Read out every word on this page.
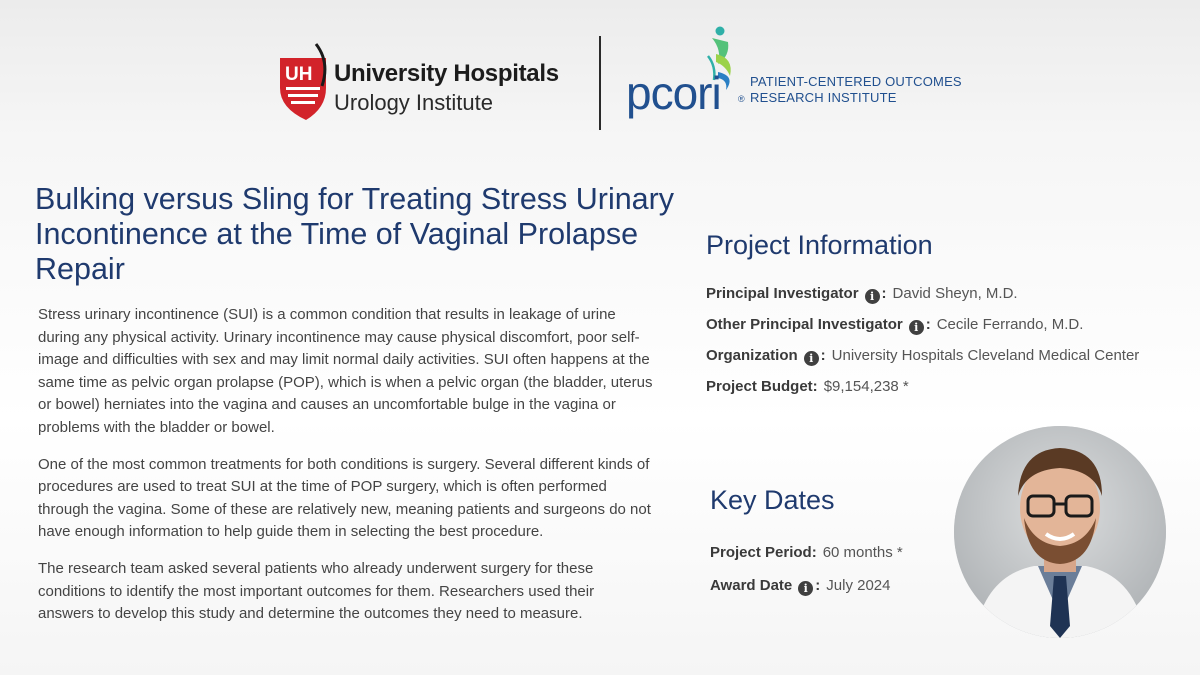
UH University Hospitals
Urology Institute	pcori ®
PATIENT-CENTERED OUTCOMES
RESEARCH INSTITUTE
Bulking versus Sling for Treating Stress Urinary Incontinence at the Time of Vaginal Prolapse Repair

Stress urinary incontinence (SUI) is a common condition that results in leakage of urine during any physical activity. Urinary incontinence may cause physical discomfort, poor self-image and difficulties with sex and may limit normal daily activities. SUI often happens at the same time as pelvic organ prolapse (POP), which is when a pelvic organ (the bladder, uterus or bowel) herniates into the vagina and causes an uncomfortable bulge in the vagina or problems with the bladder or bowel.

One of the most common treatments for both conditions is surgery. Several different kinds of procedures are used to treat SUI at the time of POP surgery, which is often performed through the vagina. Some of these are relatively new, meaning patients and surgeons do not have enough information to help guide them in selecting the best procedure.

The research team asked several patients who already underwent surgery for these conditions to identify the most important outcomes for them. Researchers used their answers to develop this study and determine the outcomes they need to measure.

Project Information
Principal Investigator i : David Sheyn, M.D.
Other Principal Investigator i : Cecile Ferrando, M.D.
Organization i : University Hospitals Cleveland Medical Center
Project Budget: $9,154,238 *
Key Dates
Project Period: 60 months *
Award Date i : July 2024
